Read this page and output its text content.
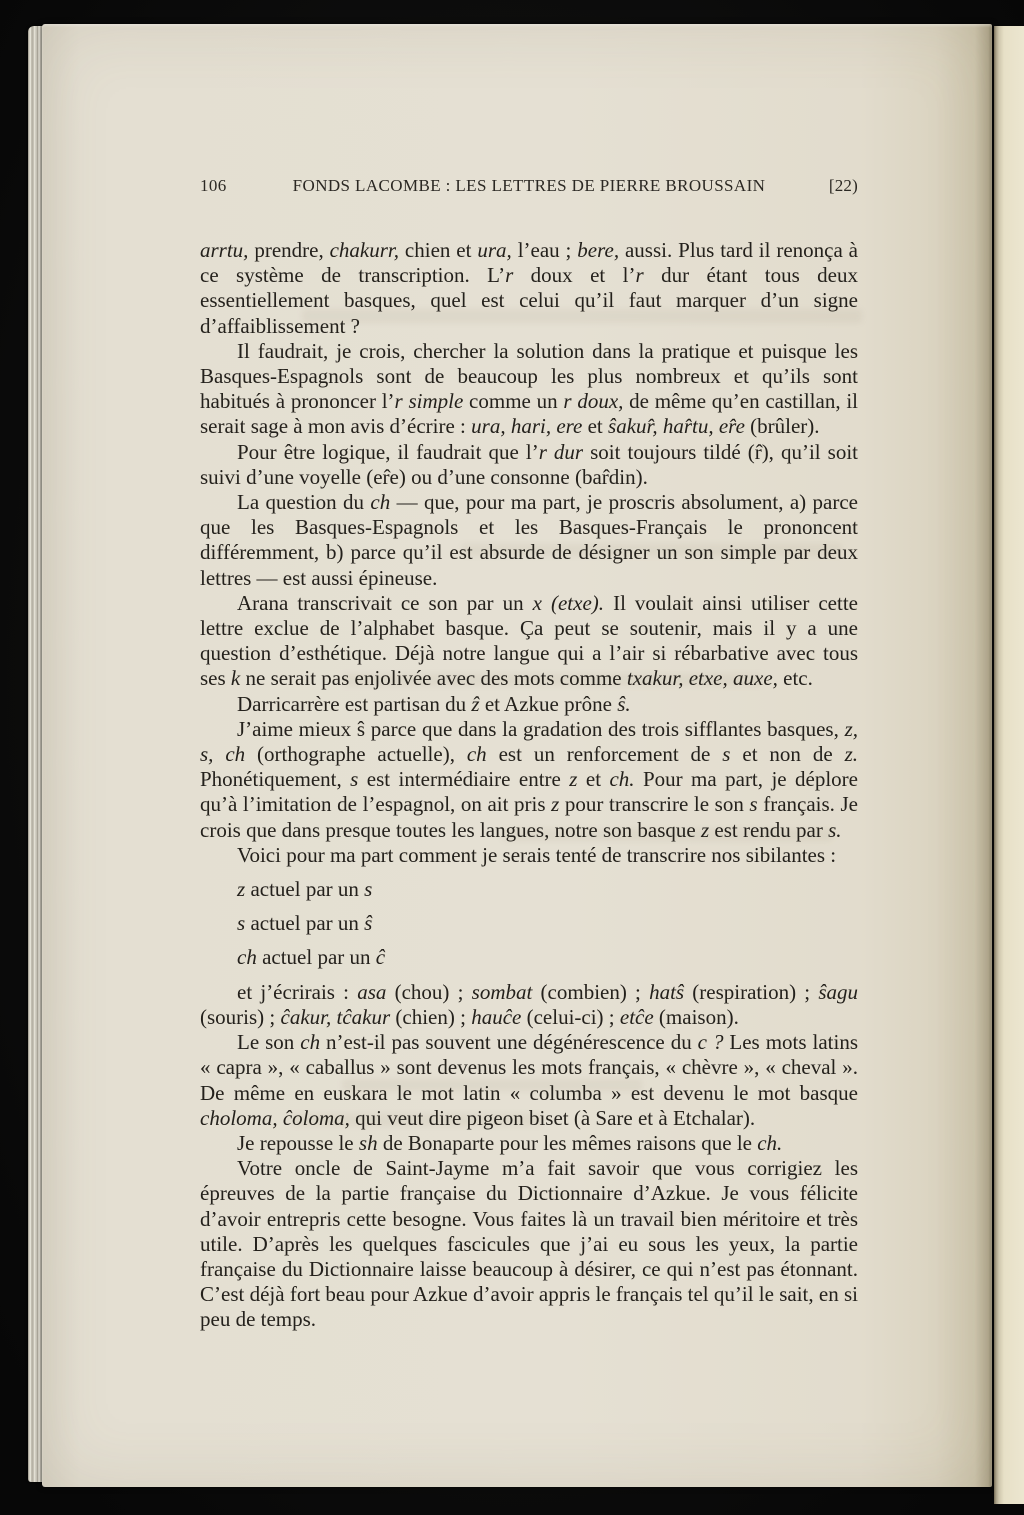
106	FONDS LACOMBE : LES LETTRES DE PIERRE BROUSSAIN	[22)

arrtu, prendre, chakurr, chien et ura, l’eau ; bere, aussi. Plus tard il renonça à ce système de transcription. L’r doux et l’r dur étant tous deux essentiellement basques, quel est celui qu’il faut marquer d’un signe d’affaiblissement ?

Il faudrait, je crois, chercher la solution dans la pratique et puisque les Basques-Espagnols sont de beaucoup les plus nombreux et qu’ils sont habitués à prononcer l’r simple comme un r doux, de même qu’en castillan, il serait sage à mon avis d’écrire : ura, hari, ere et ŝakur̂, har̂tu, er̂e (brûler).

Pour être logique, il faudrait que l’r dur soit toujours tildé (r̂), qu’il soit suivi d’une voyelle (er̂e) ou d’une consonne (bar̂din).

La question du ch — que, pour ma part, je proscris absolument, a) parce que les Basques-Espagnols et les Basques-Français le prononcent différemment, b) parce qu’il est absurde de désigner un son simple par deux lettres — est aussi épineuse.

Arana transcrivait ce son par un x (etxe). Il voulait ainsi utiliser cette lettre exclue de l’alphabet basque. Ça peut se soutenir, mais il y a une question d’esthétique. Déjà notre langue qui a l’air si rébarbative avec tous ses k ne serait pas enjolivée avec des mots comme txakur, etxe, auxe, etc.

Darricarrère est partisan du ẑ et Azkue prône ŝ.

J’aime mieux ŝ parce que dans la gradation des trois sifflantes basques, z, s, ch (orthographe actuelle), ch est un renforcement de s et non de z. Phonétiquement, s est intermédiaire entre z et ch. Pour ma part, je déplore qu’à l’imitation de l’espagnol, on ait pris z pour transcrire le son s français. Je crois que dans presque toutes les langues, notre son basque z est rendu par s.

Voici pour ma part comment je serais tenté de transcrire nos sibilantes :

z actuel par un s

s actuel par un ŝ

ch actuel par un ĉ

et j’écrirais : asa (chou) ; sombat (combien) ; hatŝ (respiration) ; ŝagu (souris) ; ĉakur, tĉakur (chien) ; hauĉe (celui-ci) ; etĉe (maison).

Le son ch n’est-il pas souvent une dégénérescence du c ? Les mots latins « capra », « caballus » sont devenus les mots français, « chèvre », « cheval ». De même en euskara le mot latin « columba » est devenu le mot basque choloma, ĉoloma, qui veut dire pigeon biset (à Sare et à Etchalar).

Je repousse le sh de Bonaparte pour les mêmes raisons que le ch.

Votre oncle de Saint-Jayme m’a fait savoir que vous corrigiez les épreuves de la partie française du Dictionnaire d’Azkue. Je vous félicite d’avoir entrepris cette besogne. Vous faites là un travail bien méritoire et très utile. D’après les quelques fascicules que j’ai eu sous les yeux, la partie française du Dictionnaire laisse beaucoup à désirer, ce qui n’est pas étonnant. C’est déjà fort beau pour Azkue d’avoir appris le français tel qu’il le sait, en si peu de temps.
